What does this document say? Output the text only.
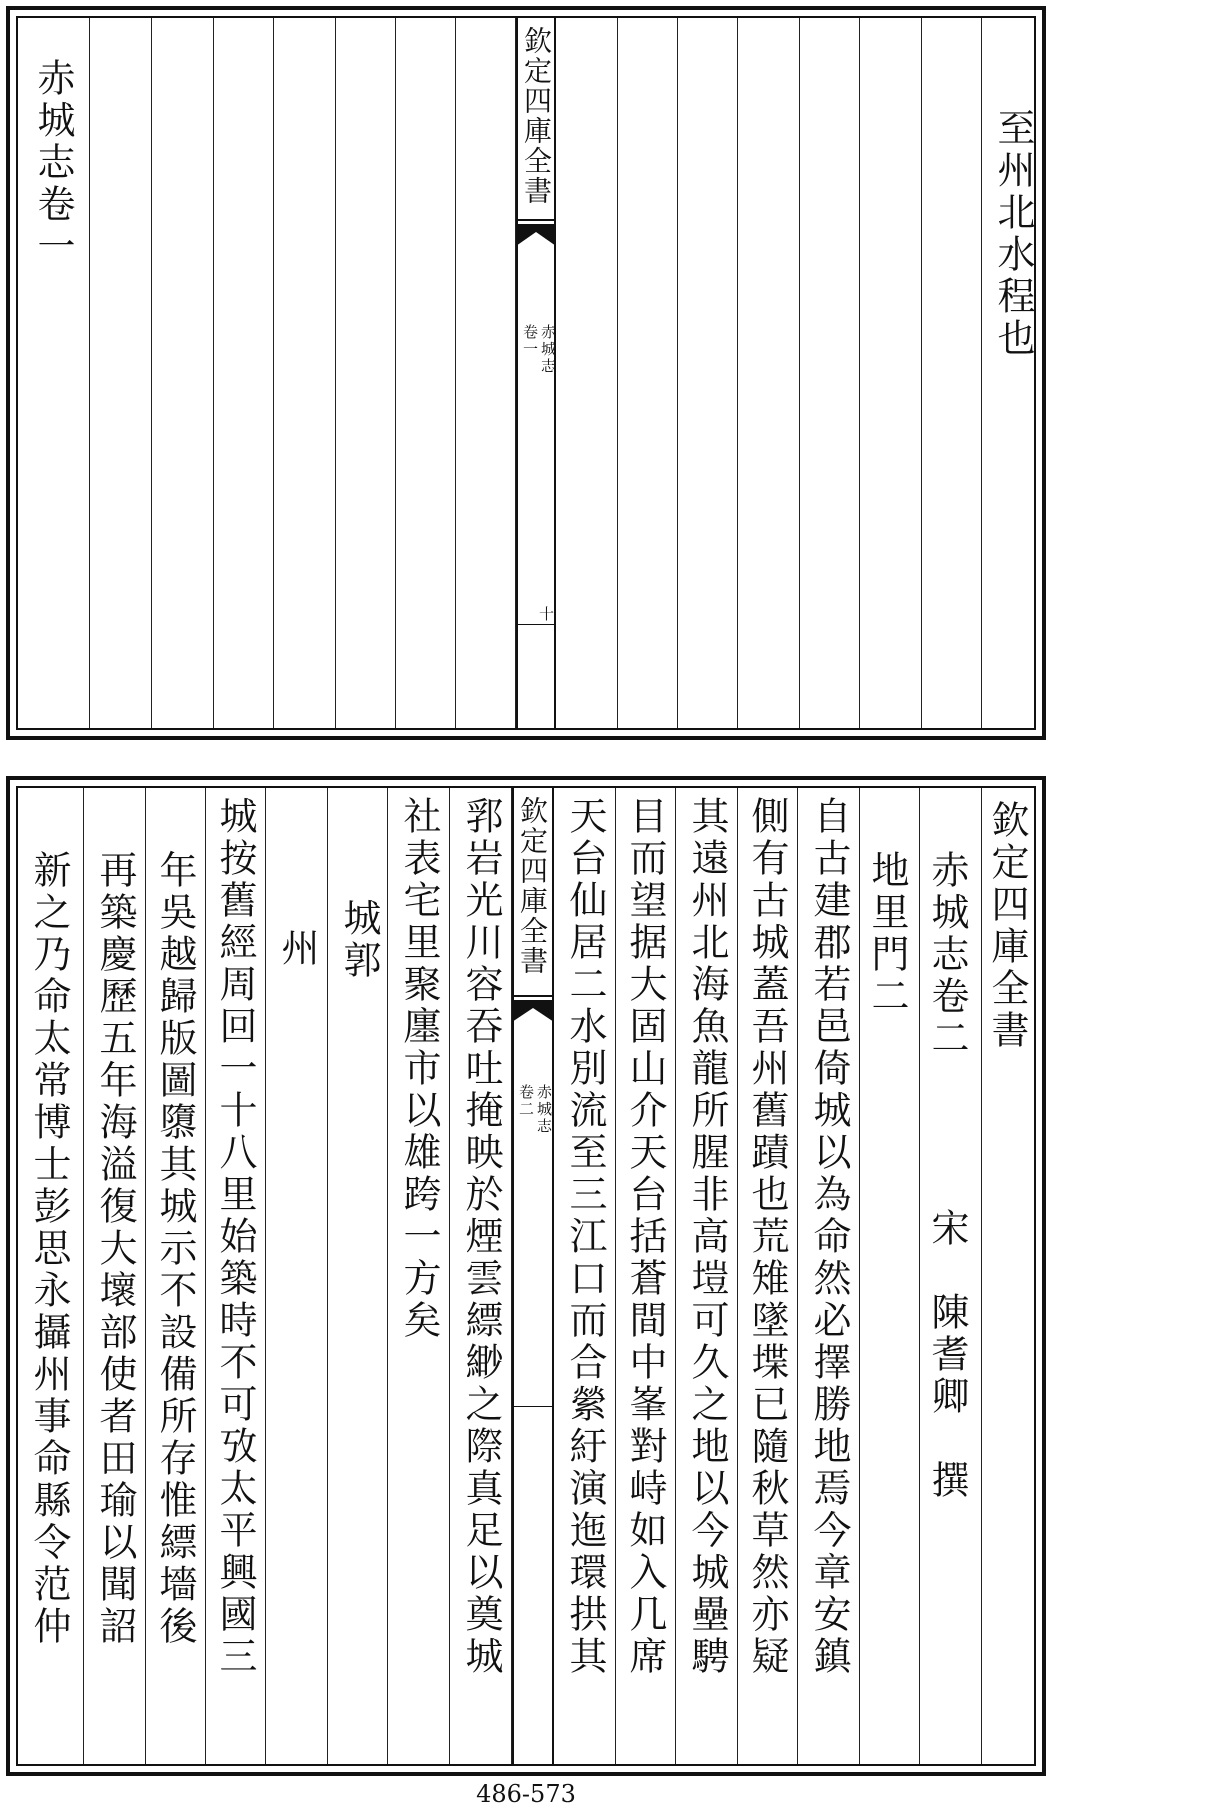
欽定四庫全書
赤城志
卷一
十
赤城志卷一	至州北水程也
欽定四庫全書
赤城志
卷二
欽定四庫全書
赤城志卷二
宋　陳耆卿　撰
地里門二
自古建郡若邑倚城以為命然必擇勝地焉今章安鎮
側有古城蓋吾州舊蹟也荒雉墜堞已隨秋草然亦疑
其遠州北海魚龍所腥非高塏可久之地以今城壘騁
目而望据大固山介天台括蒼間中峯對峙如入几席
天台仙居二水別流至三江口而合縈紆演迤環拱其
郛岩光川容吞吐掩映於煙雲縹緲之際真足以奠城
社表宅里聚廛市以雄跨一方矣
城郭
州
城按舊經周回一十八里始築時不可攷太平興國三
年吳越歸版圖隳其城示不設備所存惟縹墻後
再築慶歷五年海溢復大壞部使者田瑜以聞詔
新之乃命太常博士彭思永攝州事命縣令范仲
486-573
